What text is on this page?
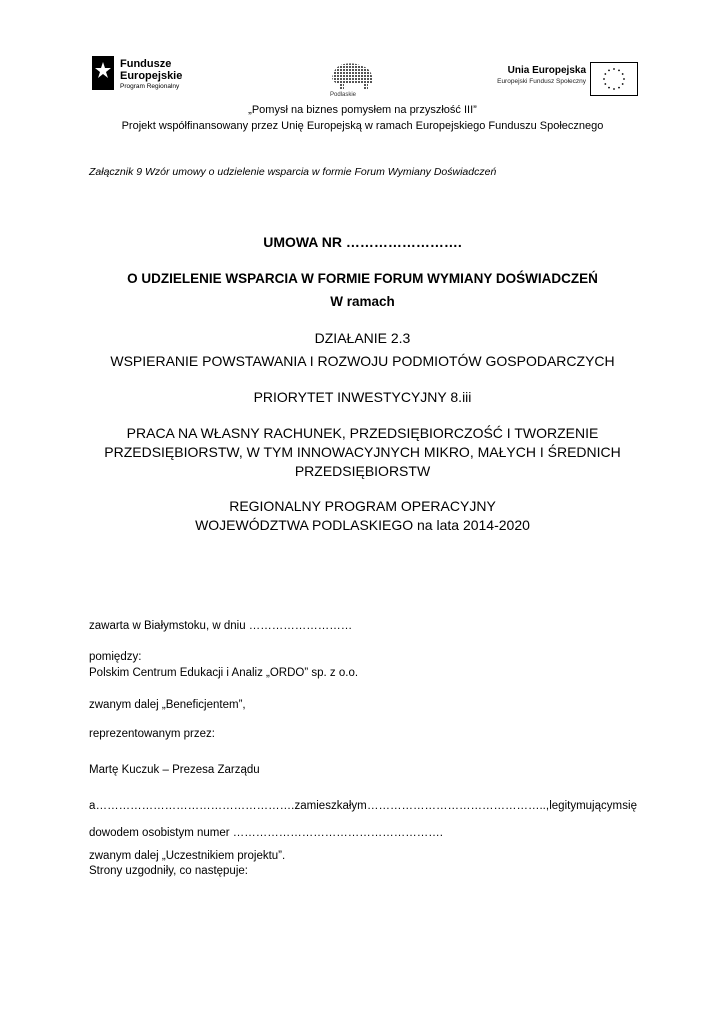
Fundusze
Europejskie
Program Regionalny
Podlaskie
Unia Europejska
Europejski Fundusz Społeczny
„Pomysł na biznes pomysłem na przyszłość III”
Projekt współfinansowany przez Unię Europejską w ramach Europejskiego Funduszu Społecznego
Załącznik 9 Wzór umowy o udzielenie wsparcia w formie Forum Wymiany Doświadczeń
UMOWA NR …………………….
O UDZIELENIE WSPARCIA W FORMIE FORUM WYMIANY DOŚWIADCZEŃ
W ramach
DZIAŁANIE 2.3
WSPIERANIE POWSTAWANIA I ROZWOJU PODMIOTÓW GOSPODARCZYCH
PRIORYTET INWESTYCYJNY 8.iii
PRACA NA WŁASNY RACHUNEK, PRZEDSIĘBIORCZOŚĆ I TWORZENIE
PRZEDSIĘBIORSTW, W TYM INNOWACYJNYCH MIKRO, MAŁYCH I ŚREDNICH
PRZEDSIĘBIORSTW
REGIONALNY PROGRAM OPERACYJNY
WOJEWÓDZTWA PODLASKIEGO na lata 2014-2020
zawarta w Białymstoku, w dniu ………………………
pomiędzy:
Polskim Centrum Edukacji i Analiz „ORDO” sp. z o.o.
zwanym dalej „Beneficjentem”,
reprezentowanym przez:
Martę Kuczuk – Prezesa Zarządu
a ……………………………………………. zamieszkałym ……………………………………….., legitymującym się
dowodem osobistym numer ……………………………………………….
zwanym dalej „Uczestnikiem projektu”.
Strony uzgodniły, co następuje:
